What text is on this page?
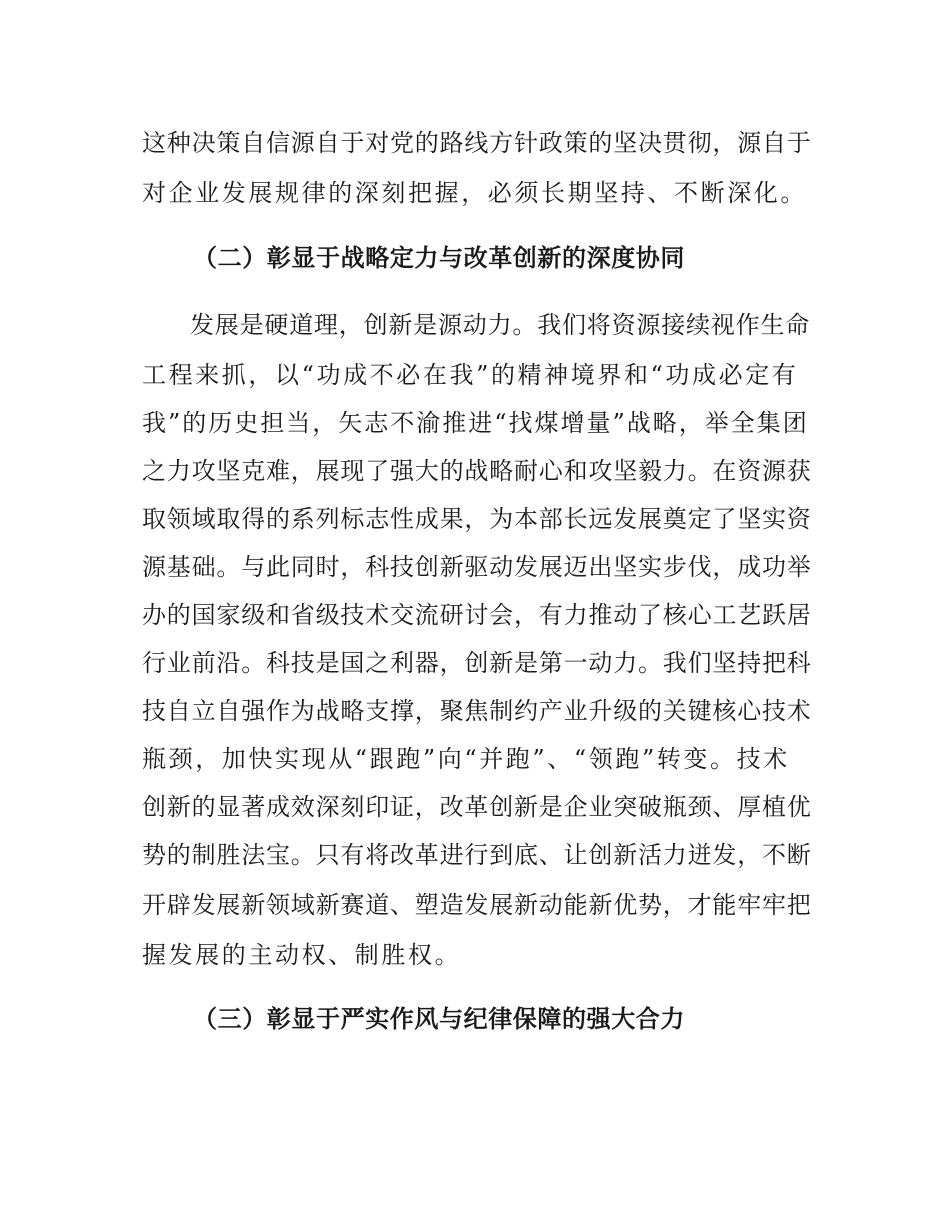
这种决策自信源自于对党的路线方针政策的坚决贯彻，源自于
对企业发展规律的深刻把握，必须长期坚持、不断深化。
（二）彰显于战略定力与改革创新的深度协同
发展是硬道理，创新是源动力。我们将资源接续视作生命
工程来抓，以“功成不必在我”的精神境界和“功成必定有
我”的历史担当，矢志不渝推进“找煤增量”战略，举全集团
之力攻坚克难，展现了强大的战略耐心和攻坚毅力。在资源获
取领域取得的系列标志性成果，为本部长远发展奠定了坚实资
源基础。与此同时，科技创新驱动发展迈出坚实步伐，成功举
办的国家级和省级技术交流研讨会，有力推动了核心工艺跃居
行业前沿。科技是国之利器，创新是第一动力。我们坚持把科
技自立自强作为战略支撑，聚焦制约产业升级的关键核心技术
瓶颈，加快实现从“跟跑”向“并跑”、“领跑”转变。技术
创新的显著成效深刻印证，改革创新是企业突破瓶颈、厚植优
势的制胜法宝。只有将改革进行到底、让创新活力迸发，不断
开辟发展新领域新赛道、塑造发展新动能新优势，才能牢牢把
握发展的主动权、制胜权。
（三）彰显于严实作风与纪律保障的强大合力
